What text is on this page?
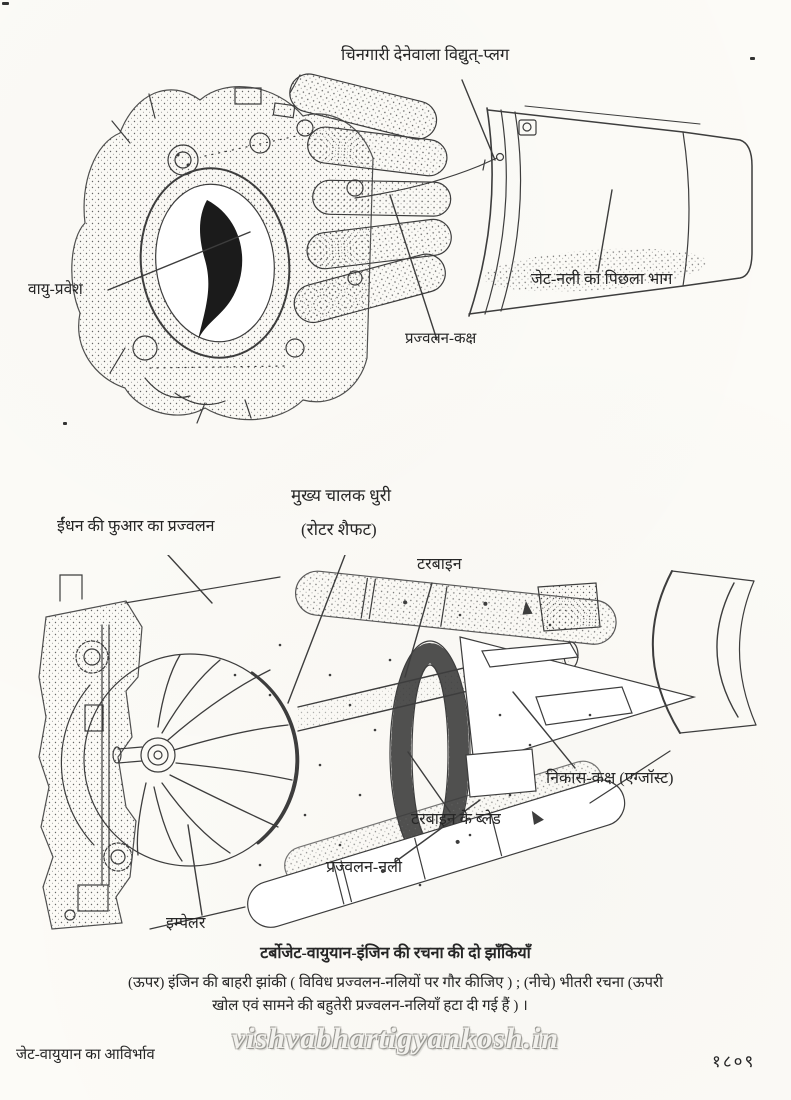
चिनगारी देनेवाला विद्युत्-प्लग
वायु-प्रवेश
जेट-नली का पिछला भाग
प्रज्वलन-कक्ष
ईंधन की फुआर का प्रज्वलन
मुख्य चालक धुरी
(रोटर शैफट)
टरबाइन
निकास-कक्ष (एग्जॉस्ट)
टरबाइन के ब्लेड
प्रज्वलन-नली
इम्पेलर
टर्बोजेट-वायुयान-इंजिन की रचना की दो झाँकियाँ
(ऊपर) इंजिन की बाहरी झांकी ( विविध प्रज्वलन-नलियों पर गौर कीजिए ) ; (नीचे) भीतरी रचना (ऊपरी
खोल एवं सामने की बहुतेरी प्रज्वलन-नलियाँ हटा दी गई हैं ) ।
vishvabhartigyankosh.in
जेट-वायुयान का आविर्भाव	१८०९
